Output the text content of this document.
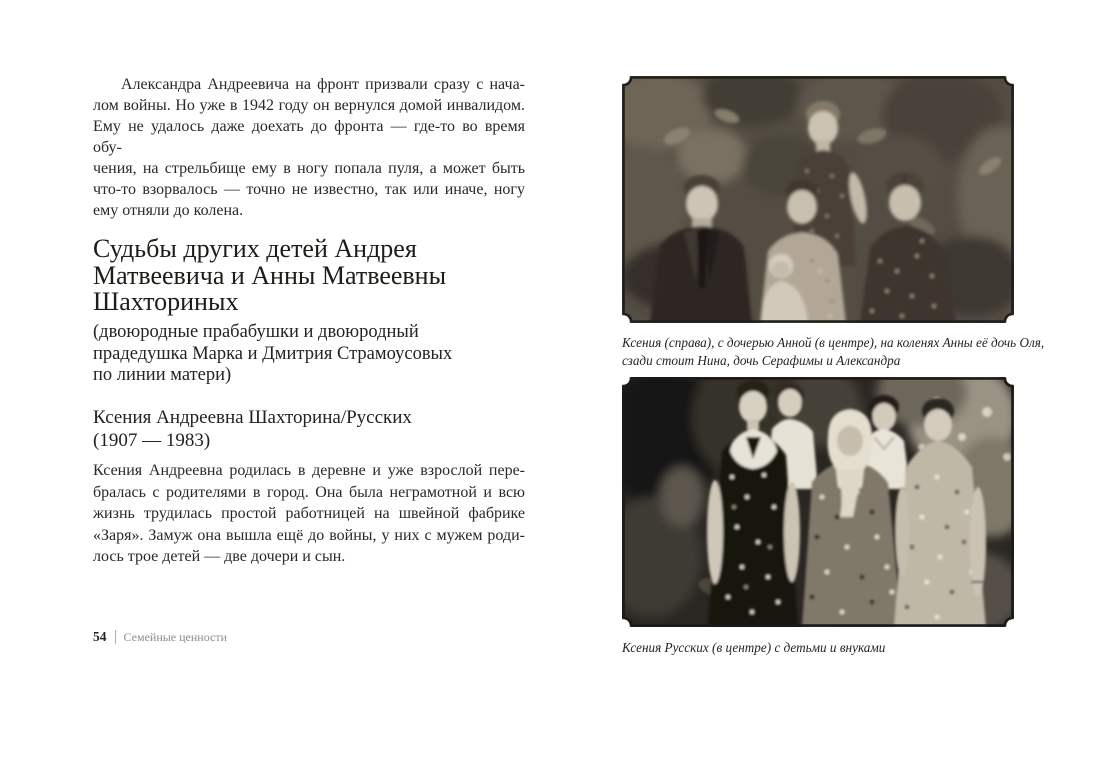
Александра Андреевича на фронт призвали сразу с нача-
лом войны. Но уже в 1942 году он вернулся домой инвалидом.
Ему не удалось даже доехать до фронта — где-то во время обу-
чения, на стрельбище ему в ногу попала пуля, а может быть
что-то взорвалось — точно не известно, так или иначе, ногу
ему отняли до колена.
Судьбы других детей Андрея
Матвеевича и Анны Матвеевны
Шахториных
(двоюродные прабабушки и двоюродный
прадедушка Марка и Дмитрия Страмоусовых
по линии матери)
Ксения Андреевна Шахторина/Русских
(1907 — 1983)
Ксения Андреевна родилась в деревне и уже взрослой пере-
бралась с родителями в город. Она была неграмотной и всю
жизнь трудилась простой работницей на швейной фабрике
«Заря». Замуж она вышла ещё до войны, у них с мужем роди-
лось трое детей — две дочери и сын.
54 Семейные ценности
Ксения (справа), с дочерью Анной (в центре), на коленях Анны её дочь Оля,
сзади стоит Нина, дочь Серафимы и Александра
Ксения Русских (в центре) с детьми и внуками
